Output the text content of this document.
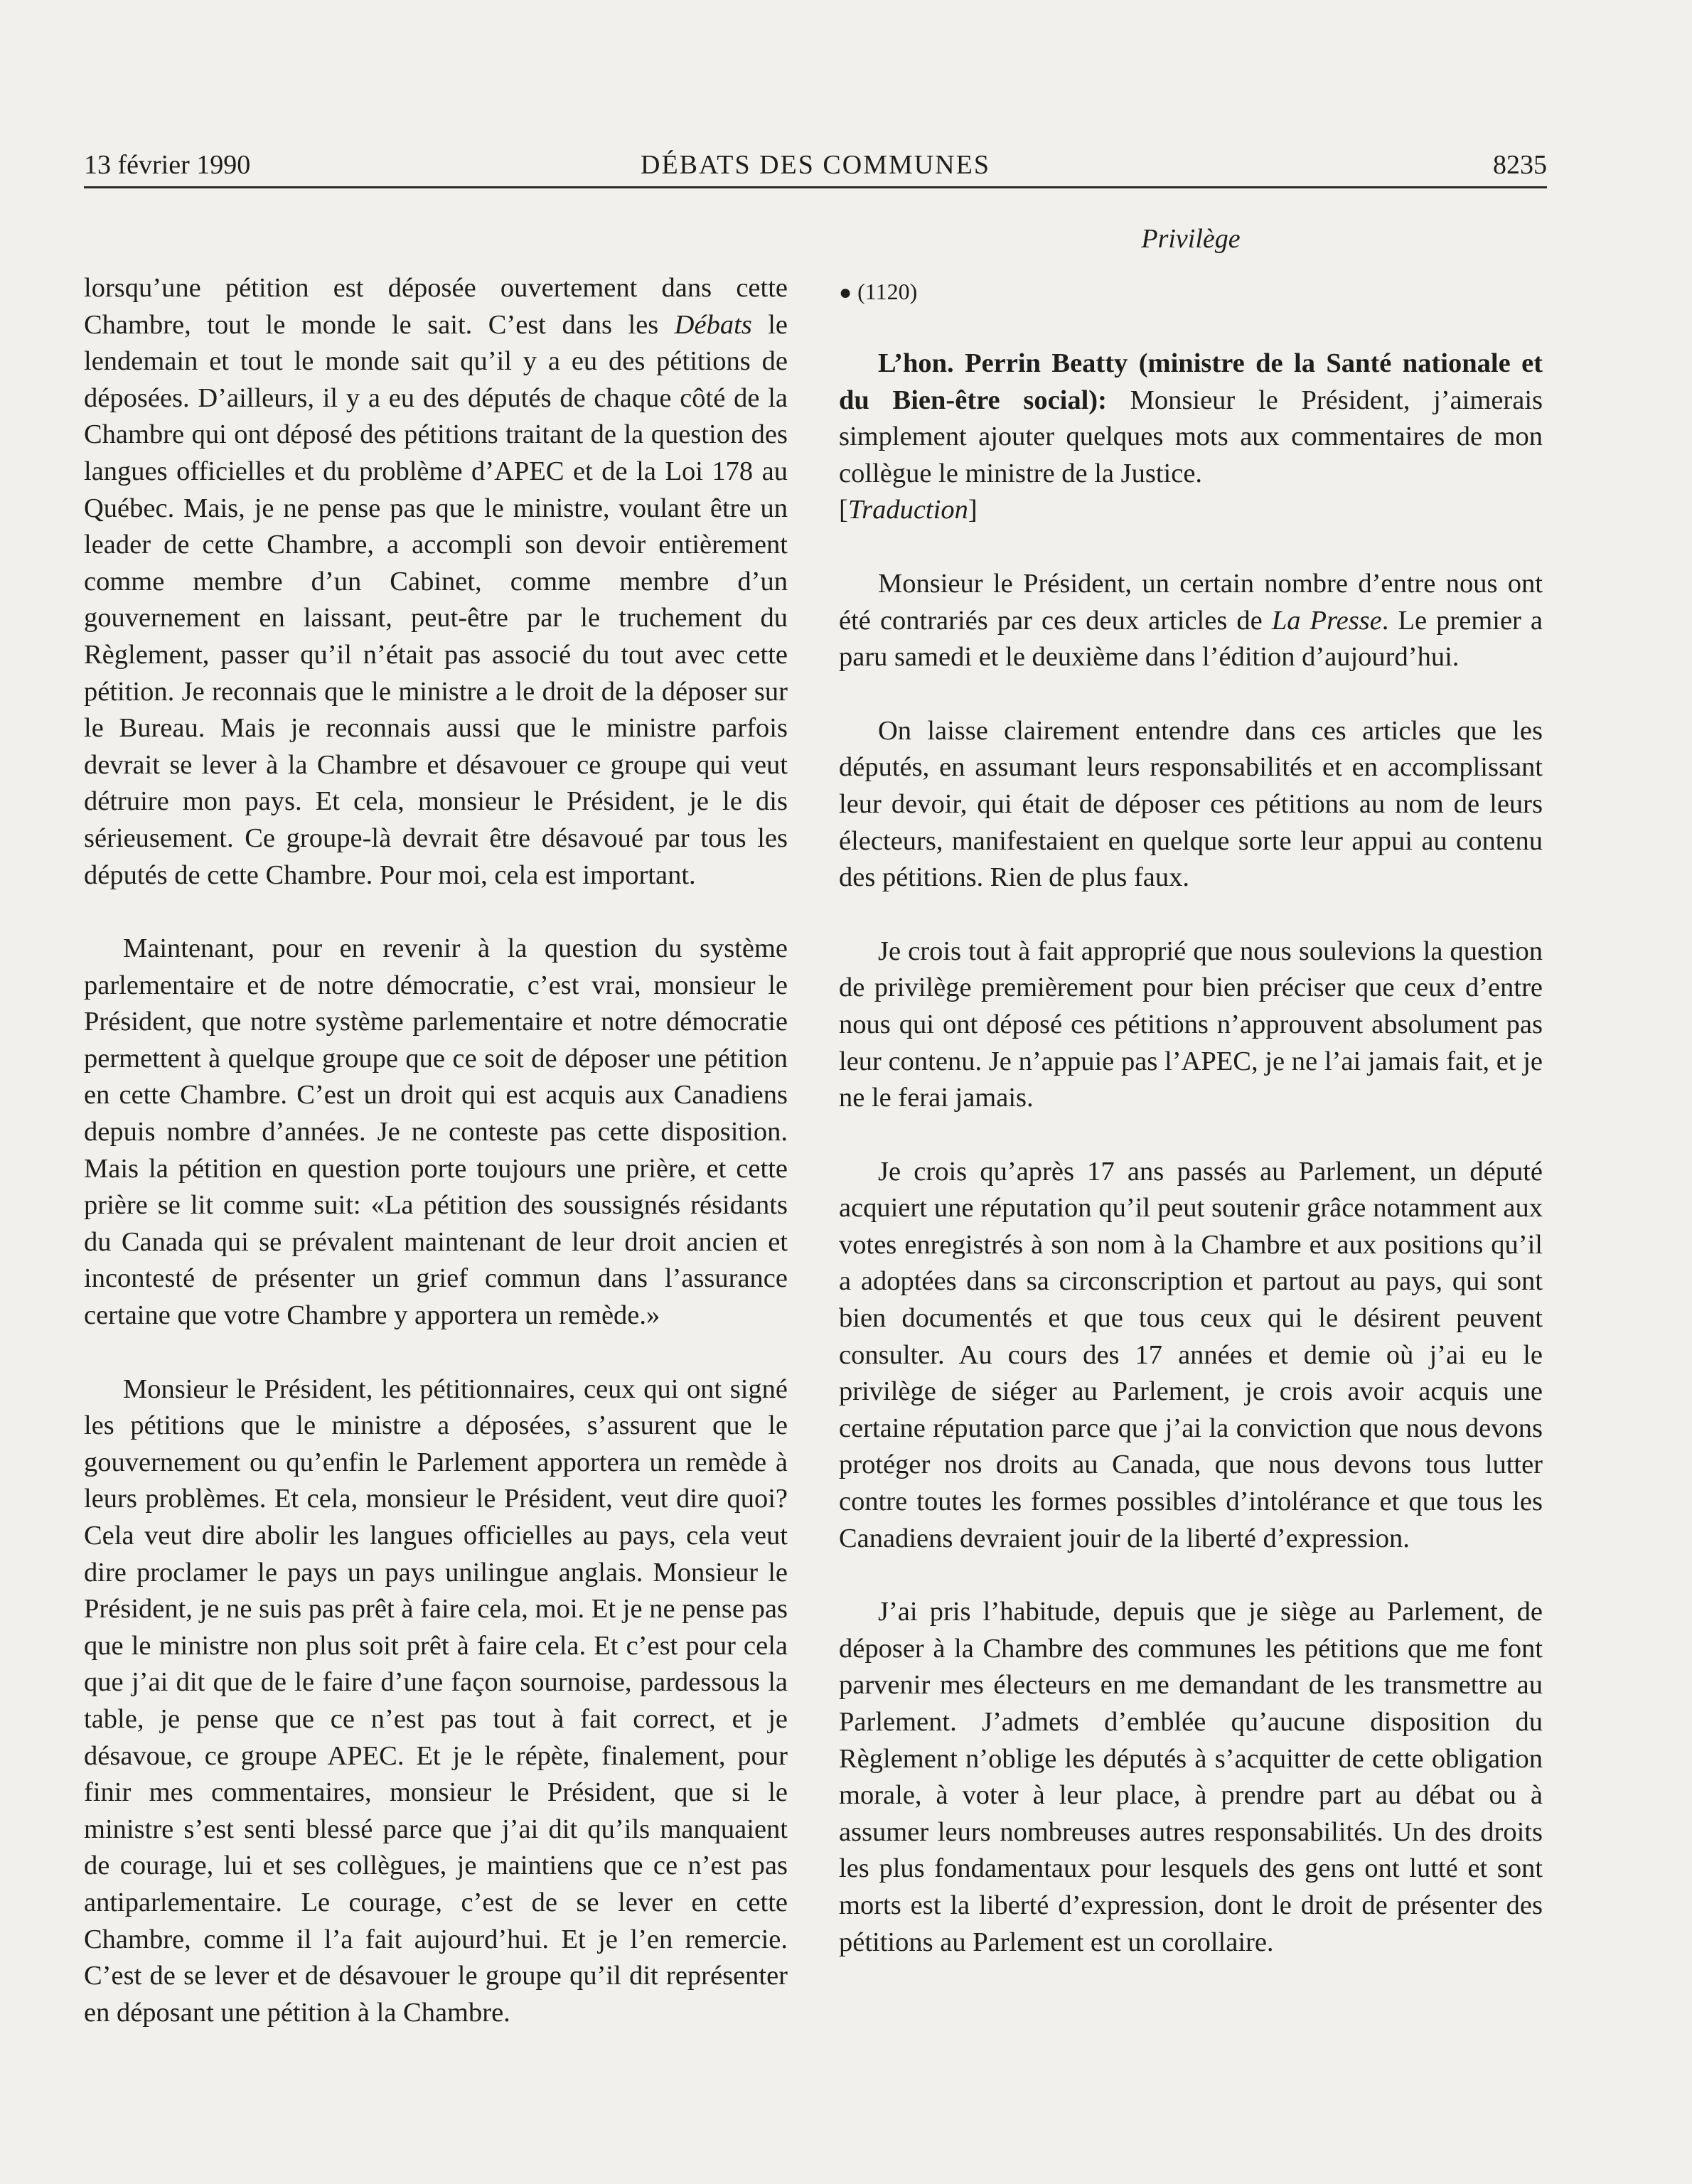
13 février 1990	DÉBATS DES COMMUNES	8235

lorsqu’une pétition est déposée ouvertement dans cette Chambre, tout le monde le sait. C’est dans les Débats le lendemain et tout le monde sait qu’il y a eu des pétitions de déposées. D’ailleurs, il y a eu des députés de chaque côté de la Chambre qui ont déposé des pétitions traitant de la question des langues officielles et du problème d’APEC et de la Loi 178 au Québec. Mais, je ne pense pas que le ministre, voulant être un leader de cette Chambre, a accompli son devoir entièrement comme membre d’un Cabinet, comme membre d’un gouvernement en laissant, peut-être par le truchement du Règlement, passer qu’il n’était pas associé du tout avec cette pétition. Je reconnais que le ministre a le droit de la déposer sur le Bureau. Mais je reconnais aussi que le ministre parfois devrait se lever à la Chambre et désavouer ce groupe qui veut détruire mon pays. Et cela, monsieur le Président, je le dis sérieusement. Ce groupe-là devrait être désavoué par tous les députés de cette Chambre. Pour moi, cela est important.

Maintenant, pour en revenir à la question du système parlementaire et de notre démocratie, c’est vrai, monsieur le Président, que notre système parlementaire et notre démocratie permettent à quelque groupe que ce soit de déposer une pétition en cette Chambre. C’est un droit qui est acquis aux Canadiens depuis nombre d’années. Je ne conteste pas cette disposition. Mais la pétition en question porte toujours une prière, et cette prière se lit comme suit: «La pétition des soussignés résidants du Canada qui se prévalent maintenant de leur droit ancien et incontesté de présenter un grief commun dans l’assurance certaine que votre Chambre y apportera un remède.»

Monsieur le Président, les pétitionnaires, ceux qui ont signé les pétitions que le ministre a déposées, s’assurent que le gouvernement ou qu’enfin le Parlement apportera un remède à leurs problèmes. Et cela, monsieur le Président, veut dire quoi? Cela veut dire abolir les langues officielles au pays, cela veut dire proclamer le pays un pays unilingue anglais. Monsieur le Président, je ne suis pas prêt à faire cela, moi. Et je ne pense pas que le ministre non plus soit prêt à faire cela. Et c’est pour cela que j’ai dit que de le faire d’une façon sournoise, pardessous la table, je pense que ce n’est pas tout à fait correct, et je désavoue, ce groupe APEC. Et je le répète, finalement, pour finir mes commentaires, monsieur le Président, que si le ministre s’est senti blessé parce que j’ai dit qu’ils manquaient de courage, lui et ses collègues, je maintiens que ce n’est pas antiparlementaire. Le courage, c’est de se lever en cette Chambre, comme il l’a fait aujourd’hui. Et je l’en remercie. C’est de se lever et de désavouer le groupe qu’il dit représenter en déposant une pétition à la Chambre.

Privilège
● (1120)

L’hon. Perrin Beatty (ministre de la Santé nationale et du Bien-être social): Monsieur le Président, j’aimerais simplement ajouter quelques mots aux commentaires de mon collègue le ministre de la Justice.

[Traduction]

Monsieur le Président, un certain nombre d’entre nous ont été contrariés par ces deux articles de La Presse. Le premier a paru samedi et le deuxième dans l’édition d’aujourd’hui.

On laisse clairement entendre dans ces articles que les députés, en assumant leurs responsabilités et en accomplissant leur devoir, qui était de déposer ces pétitions au nom de leurs électeurs, manifestaient en quelque sorte leur appui au contenu des pétitions. Rien de plus faux.

Je crois tout à fait approprié que nous soulevions la question de privilège premièrement pour bien préciser que ceux d’entre nous qui ont déposé ces pétitions n’approuvent absolument pas leur contenu. Je n’appuie pas l’APEC, je ne l’ai jamais fait, et je ne le ferai jamais.

Je crois qu’après 17 ans passés au Parlement, un député acquiert une réputation qu’il peut soutenir grâce notamment aux votes enregistrés à son nom à la Chambre et aux positions qu’il a adoptées dans sa circonscription et partout au pays, qui sont bien documentés et que tous ceux qui le désirent peuvent consulter. Au cours des 17 années et demie où j’ai eu le privilège de siéger au Parlement, je crois avoir acquis une certaine réputation parce que j’ai la conviction que nous devons protéger nos droits au Canada, que nous devons tous lutter contre toutes les formes possibles d’intolérance et que tous les Canadiens devraient jouir de la liberté d’expression.

J’ai pris l’habitude, depuis que je siège au Parlement, de déposer à la Chambre des communes les pétitions que me font parvenir mes électeurs en me demandant de les transmettre au Parlement. J’admets d’emblée qu’aucune disposition du Règlement n’oblige les députés à s’acquitter de cette obligation morale, à voter à leur place, à prendre part au débat ou à assumer leurs nombreuses autres responsabilités. Un des droits les plus fondamentaux pour lesquels des gens ont lutté et sont morts est la liberté d’expression, dont le droit de présenter des pétitions au Parlement est un corollaire.
